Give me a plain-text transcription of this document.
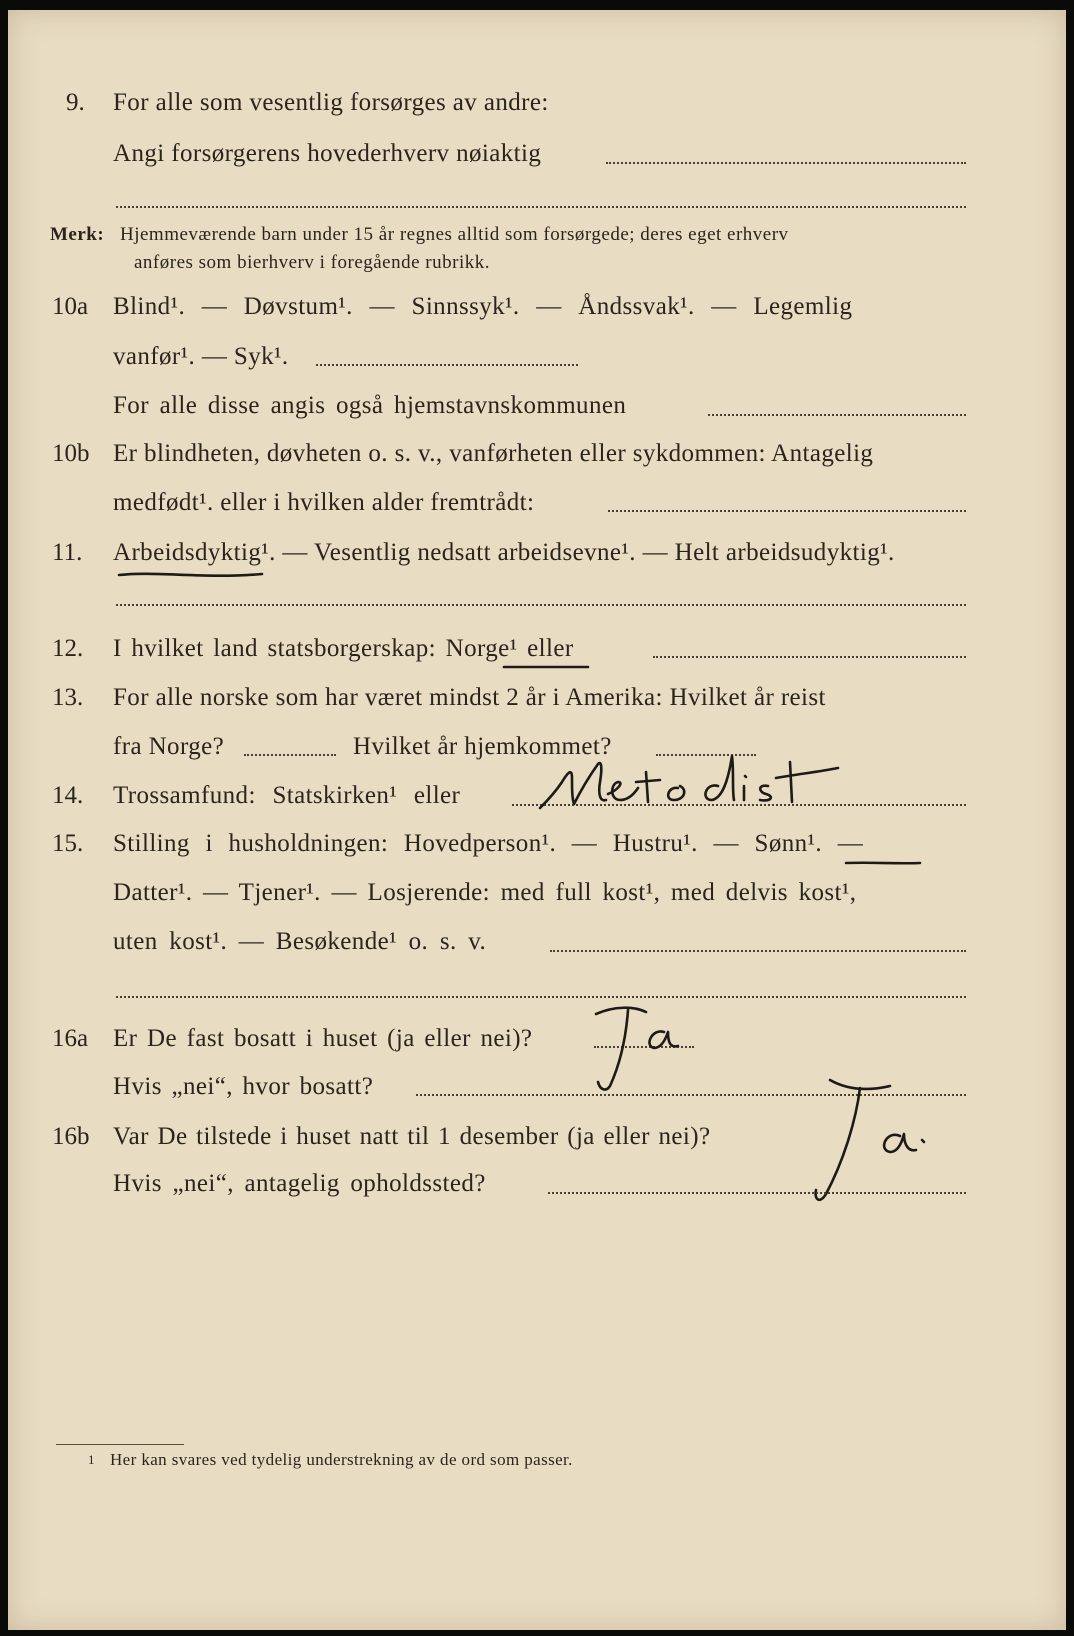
9. For alle som vesentlig forsørges av andre:
Angi forsørgerens hovederhverv nøiaktig
Merk: Hjemmeværende barn under 15 år regnes alltid som forsørgede; deres eget erhverv
anføres som bierhverv i foregående rubrikk.
10a Blind¹. — Døvstum¹. — Sinnssyk¹. — Åndssvak¹. — Legemlig
vanfør¹. — Syk¹.
For alle disse angis også hjemstavnskommunen
10b Er blindheten, døvheten o. s. v., vanførheten eller sykdommen: Antagelig
medfødt¹. eller i hvilken alder fremtrådt:
11. Arbeidsdyktig¹. — Vesentlig nedsatt arbeidsevne¹. — Helt arbeidsudyktig¹.
12. I hvilket land statsborgerskap: Norge¹ eller
13. For alle norske som har været mindst 2 år i Amerika: Hvilket år reist
fra Norge?	Hvilket år hjemkommet?
14. Trossamfund: Statskirken¹ eller
15. Stilling i husholdningen: Hovedperson¹. — Hustru¹. — Sønn¹. —
Datter¹. — Tjener¹. — Losjerende: med full kost¹, med delvis kost¹,
uten kost¹. — Besøkende¹ o. s. v.
16a Er De fast bosatt i huset (ja eller nei)?
Hvis „nei“, hvor bosatt?
16b Var De tilstede i huset natt til 1 desember (ja eller nei)?
Hvis „nei“, antagelig opholdssted?
1 Her kan svares ved tydelig understrekning av de ord som passer.
